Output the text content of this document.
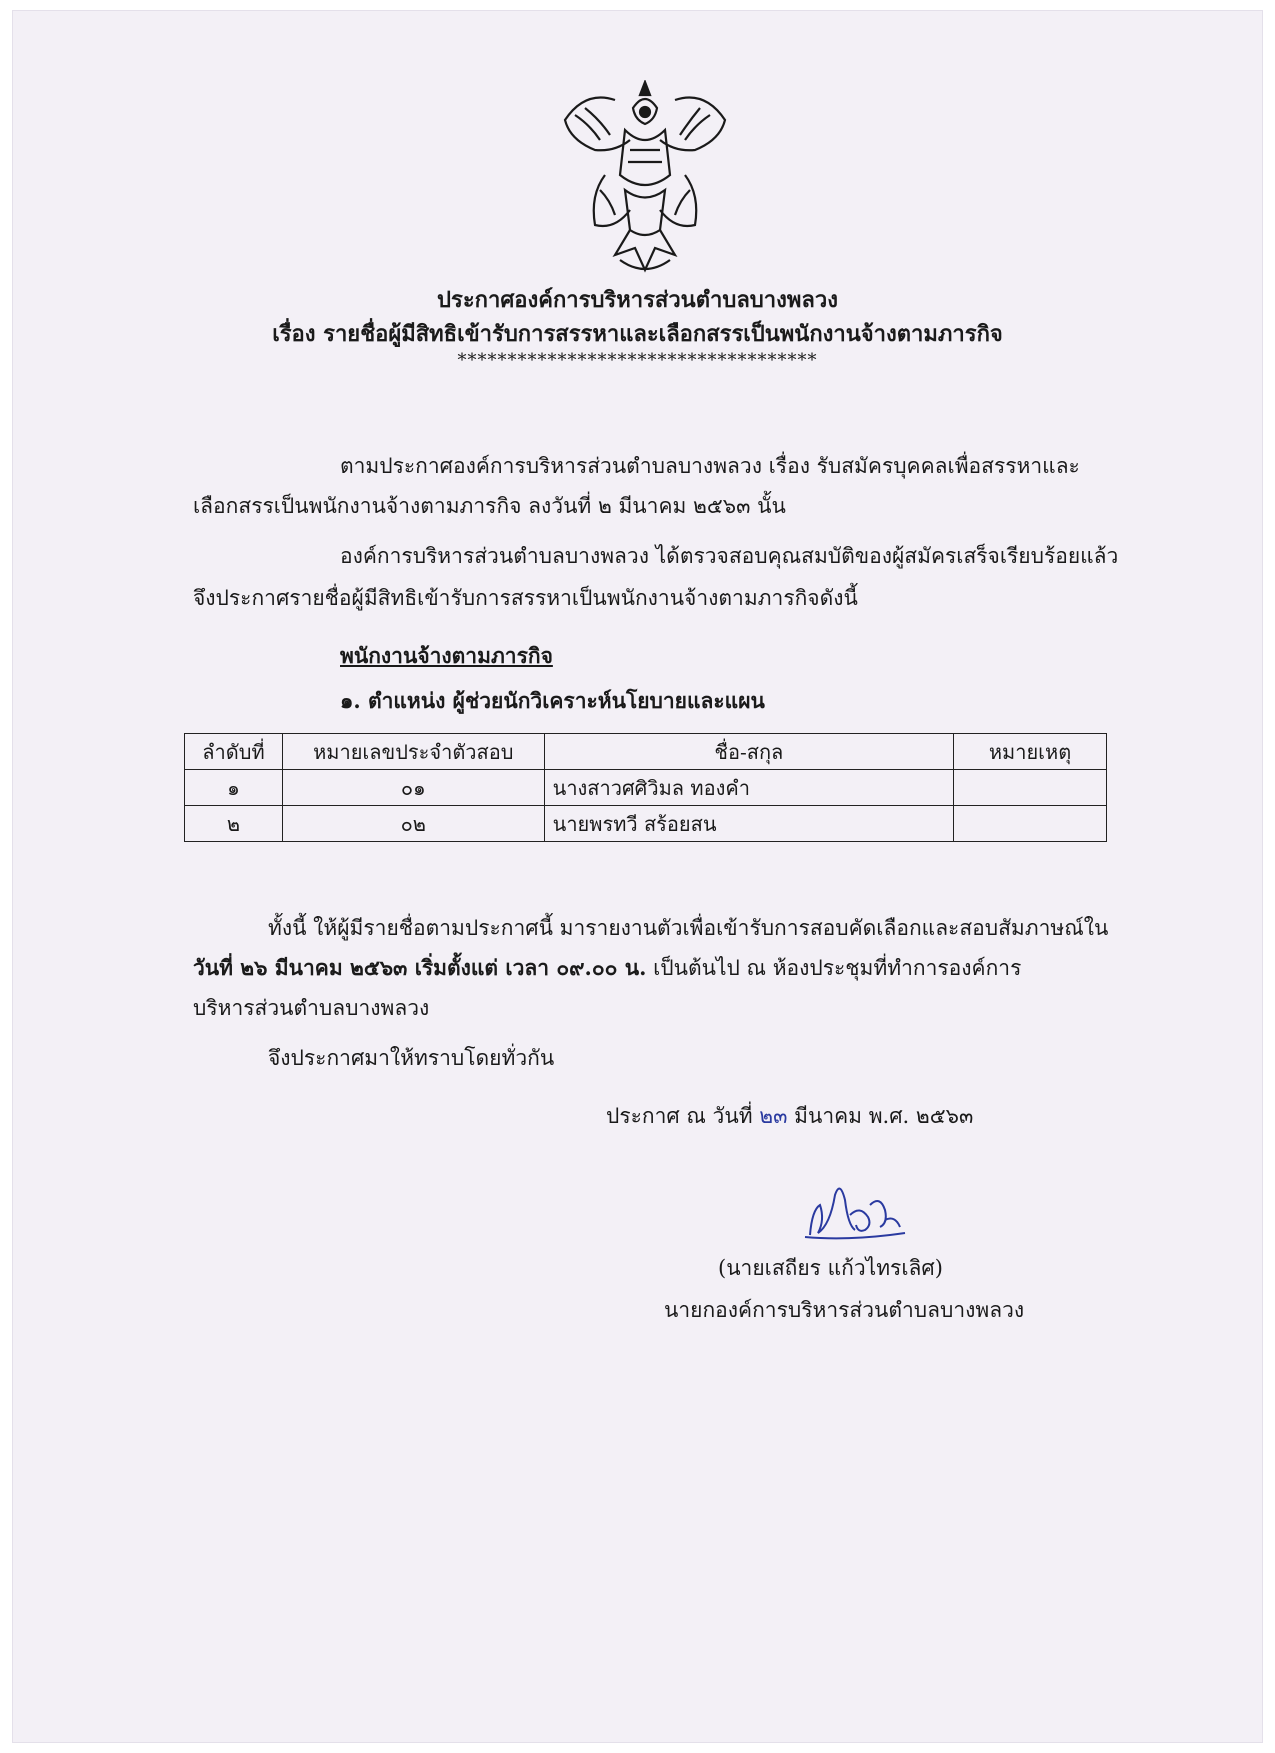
ประกาศองค์การบริหารส่วนตำบลบางพลวง
เรื่อง รายชื่อผู้มีสิทธิเข้ารับการสรรหาและเลือกสรรเป็นพนักงานจ้างตามภารกิจ
************************************
ตามประกาศองค์การบริหารส่วนตำบลบางพลวง เรื่อง รับสมัครบุคคลเพื่อสรรหาและ
เลือกสรรเป็นพนักงานจ้างตามภารกิจ ลงวันที่ ๒ มีนาคม ๒๕๖๓ นั้น
องค์การบริหารส่วนตำบลบางพลวง ได้ตรวจสอบคุณสมบัติของผู้สมัครเสร็จเรียบร้อยแล้ว
จึงประกาศรายชื่อผู้มีสิทธิเข้ารับการสรรหาเป็นพนักงานจ้างตามภารกิจดังนี้
พนักงานจ้างตามภารกิจ
๑. ตำแหน่ง ผู้ช่วยนักวิเคราะห์นโยบายและแผน
ลำดับที่	หมายเลขประจำตัวสอบ	ชื่อ-สกุล	หมายเหตุ
๑	๐๑	นางสาวศศิวิมล ทองคำ	
๒	๐๒	นายพรทวี สร้อยสน	
ทั้งนี้ ให้ผู้มีรายชื่อตามประกาศนี้ มารายงานตัวเพื่อเข้ารับการสอบคัดเลือกและสอบสัมภาษณ์ใน
วันที่ ๒๖ มีนาคม ๒๕๖๓ เริ่มตั้งแต่ เวลา ๐๙.๐๐ น. เป็นต้นไป ณ ห้องประชุมที่ทำการองค์การ
บริหารส่วนตำบลบางพลวง
จึงประกาศมาให้ทราบโดยทั่วกัน
ประกาศ ณ วันที่ ๒๓ มีนาคม พ.ศ. ๒๕๖๓
(นายเสถียร แก้วไทรเลิศ)
นายกองค์การบริหารส่วนตำบลบางพลวง
